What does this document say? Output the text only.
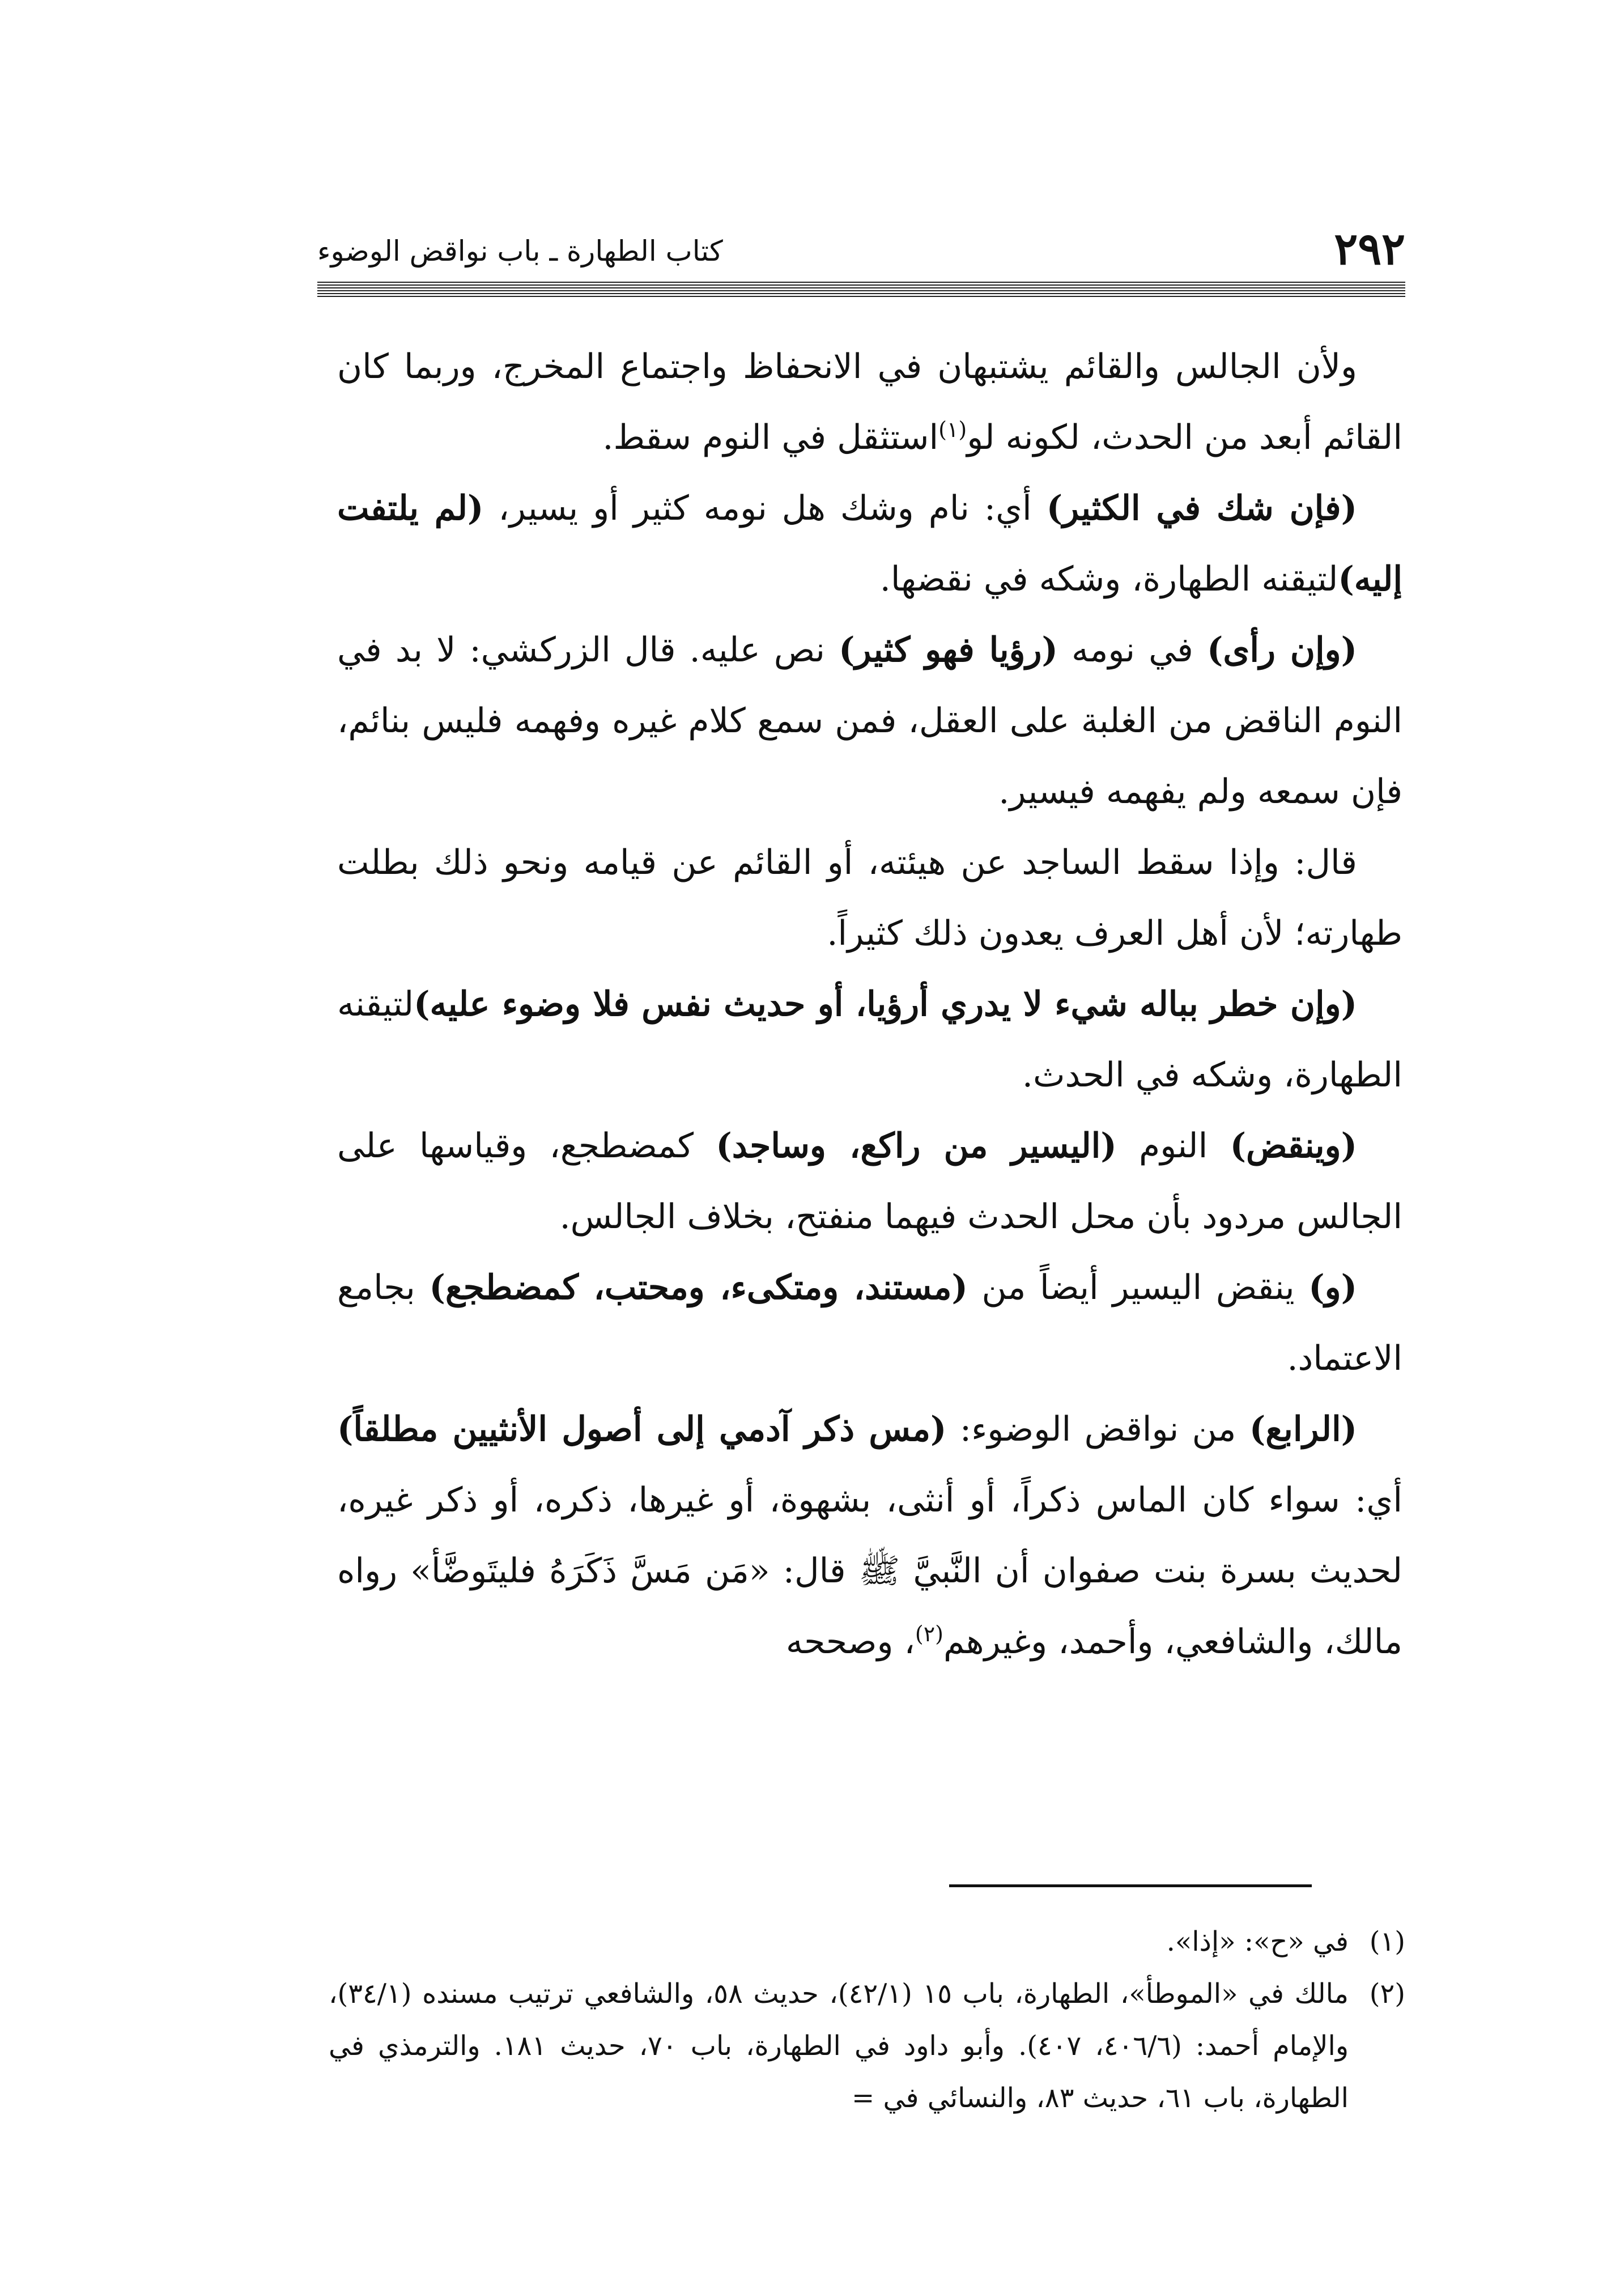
٢٩٢
كتاب الطهارة ـ باب نواقض الوضوء

ولأن الجالس والقائم يشتبهان في الانحفاظ واجتماع المخرج، وربما كان القائم أبعد من الحدث، لكونه لو$^{(١)}$استثقل في النوم سقط.

(فإن شك في الكثير) أي: نام وشك هل نومه كثير أو يسير، (لم يلتفت إليه)لتيقنه الطهارة، وشكه في نقضها.

(وإن رأى) في نومه (رؤيا فهو كثير) نص عليه. قال الزركشي: لا بد في النوم الناقض من الغلبة على العقل، فمن سمع كلام غيره وفهمه فليس بنائم، فإن سمعه ولم يفهمه فيسير.

قال: وإذا سقط الساجد عن هيئته، أو القائم عن قيامه ونحو ذلك بطلت طهارته؛ لأن أهل العرف يعدون ذلك كثيراً.

(وإن خطر بباله شيء لا يدري أرؤيا، أو حديث نفس فلا وضوء عليه)لتيقنه الطهارة، وشكه في الحدث.

(وينقض) النوم (اليسير من راكع، وساجد) كمضطجع، وقياسها على الجالس مردود بأن محل الحدث فيهما منفتح، بخلاف الجالس.

(و) ينقض اليسير أيضاً من (مستند، ومتكىء، ومحتب، كمضطجع) بجامع الاعتماد.

(الرابع) من نواقض الوضوء: (مس ذكر آدمي إلى أصول الأنثيين مطلقاً) أي: سواء كان الماس ذكراً، أو أنثى، بشهوة، أو غيرها، ذكره، أو ذكر غيره، لحديث بسرة بنت صفوان أن النَّبيَّ ﷺ قال: «مَن مَسَّ ذَكَرَهُ فليتَوضَّأ» رواه مالك، والشافعي، وأحمد، وغيرهم$^{(٢)}$، وصححه

(١)
في «ح»: «إذا».
(٢)
مالك في «الموطأ»، الطهارة، باب ١٥ (٤٢/١)، حديث ٥٨، والشافعي ترتيب مسنده (٣٤/١)، والإمام أحمد: (٤٠٦/٦، ٤٠٧). وأبو داود في الطهارة، باب ٧٠، حديث ١٨١. والترمذي في الطهارة، باب ٦١، حديث ٨٣، والنسائي في =
